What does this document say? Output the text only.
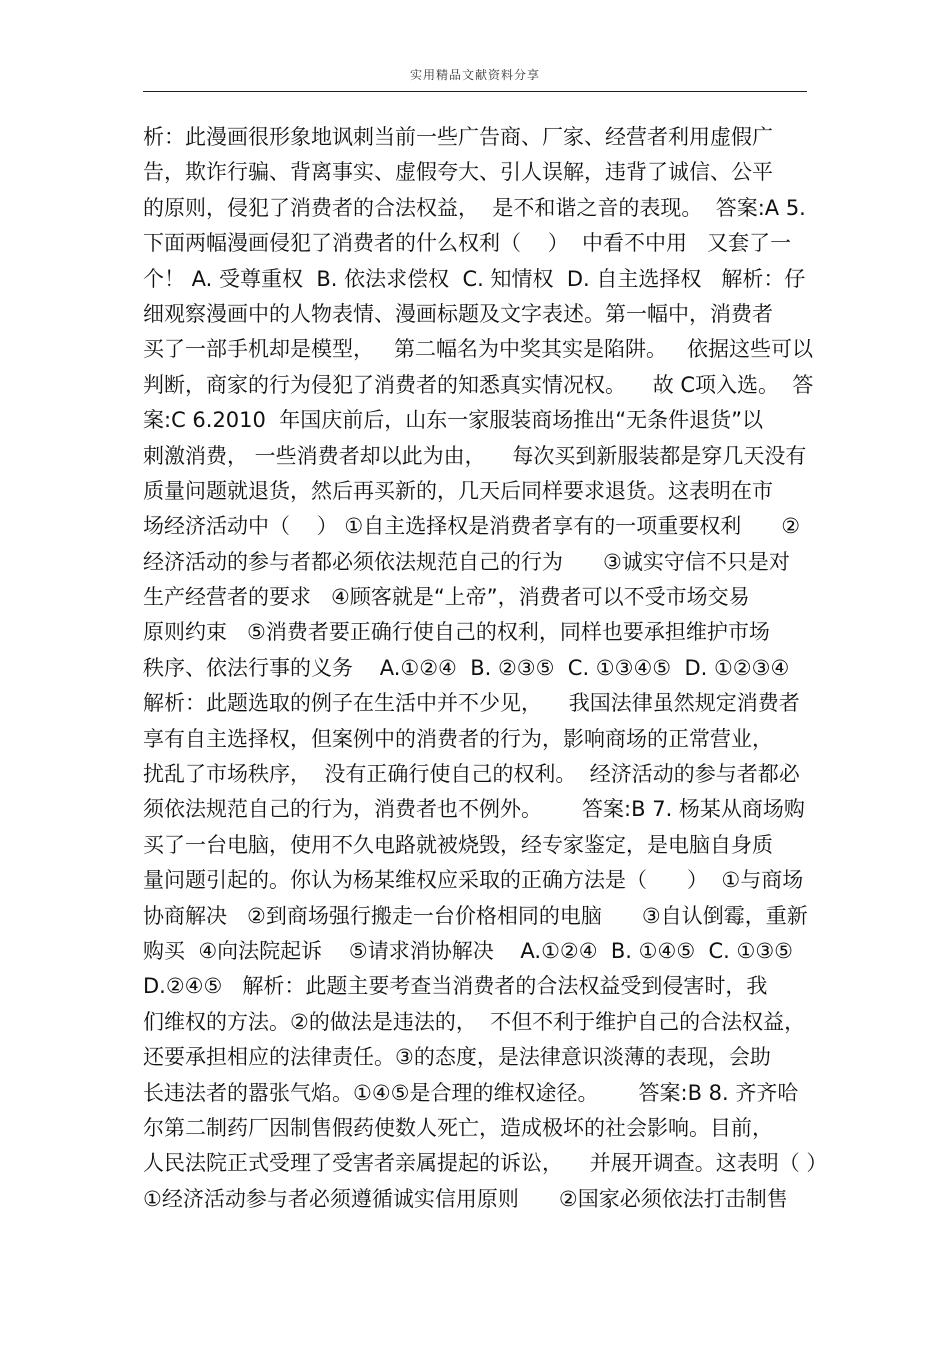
实用精品文献资料分享
析：此漫画很形象地讽刺当前一些广告商、厂家、经营者利用虚假广
告，欺诈行骗、背离事实、虚假夸大、引人误解，违背了诚信、公平
的原则，侵犯了消费者的合法权益，  是不和谐之音的表现。  答案:A 5.
下面两幅漫画侵犯了消费者的什么权利（    ）  中看不中用   又套了一
个！ A. 受尊重权  B. 依法求偿权  C. 知情权  D. 自主选择权   解析：仔
细观察漫画中的人物表情、漫画标题及文字表述。第一幅中，消费者
买了一部手机却是模型，   第二幅名为中奖其实是陷阱。   依据这些可以
判断，商家的行为侵犯了消费者的知悉真实情况权。    故 C项入选。  答
案:C 6.2010  年国庆前后，山东一家服装商场推出“无条件退货”以
刺激消费， 一些消费者却以此为由，    每次买到新服装都是穿几天没有
质量问题就退货，然后再买新的，几天后同样要求退货。这表明在市
场经济活动中（    ） ①自主选择权是消费者享有的一项重要权利      ②
经济活动的参与者都必须依法规范自己的行为      ③诚实守信不只是对
生产经营者的要求   ④顾客就是“上帝”，消费者可以不受市场交易
原则约束   ⑤消费者要正确行使自己的权利，同样也要承担维护市场
秩序、依法行事的义务    A.①②④  B. ②③⑤  C. ①③④⑤  D. ①②③④
解析：此题选取的例子在生活中并不少见，    我国法律虽然规定消费者
享有自主选择权，但案例中的消费者的行为，影响商场的正常营业，
扰乱了市场秩序，  没有正确行使自己的权利。  经济活动的参与者都必
须依法规范自己的行为，消费者也不例外。      答案:B 7. 杨某从商场购
买了一台电脑，使用不久电路就被烧毁，经专家鉴定，是电脑自身质
量问题引起的。你认为杨某维权应采取的正确方法是（      ）  ①与商场
协商解决   ②到商场强行搬走一台价格相同的电脑      ③自认倒霉，重新
购买  ④向法院起诉    ⑤请求消协解决    A.①②④  B. ①④⑤  C. ①③⑤
D.②④⑤   解析：此题主要考查当消费者的合法权益受到侵害时，我
们维权的方法。②的做法是违法的，  不但不利于维护自己的合法权益，
还要承担相应的法律责任。③的态度，是法律意识淡薄的表现，会助
长违法者的嚣张气焰。①④⑤是合理的维权途径。      答案:B 8. 齐齐哈
尔第二制药厂因制售假药使数人死亡，造成极坏的社会影响。目前，
人民法院正式受理了受害者亲属提起的诉讼，    并展开调查。这表明（ ）
①经济活动参与者必须遵循诚实信用原则      ②国家必须依法打击制售
